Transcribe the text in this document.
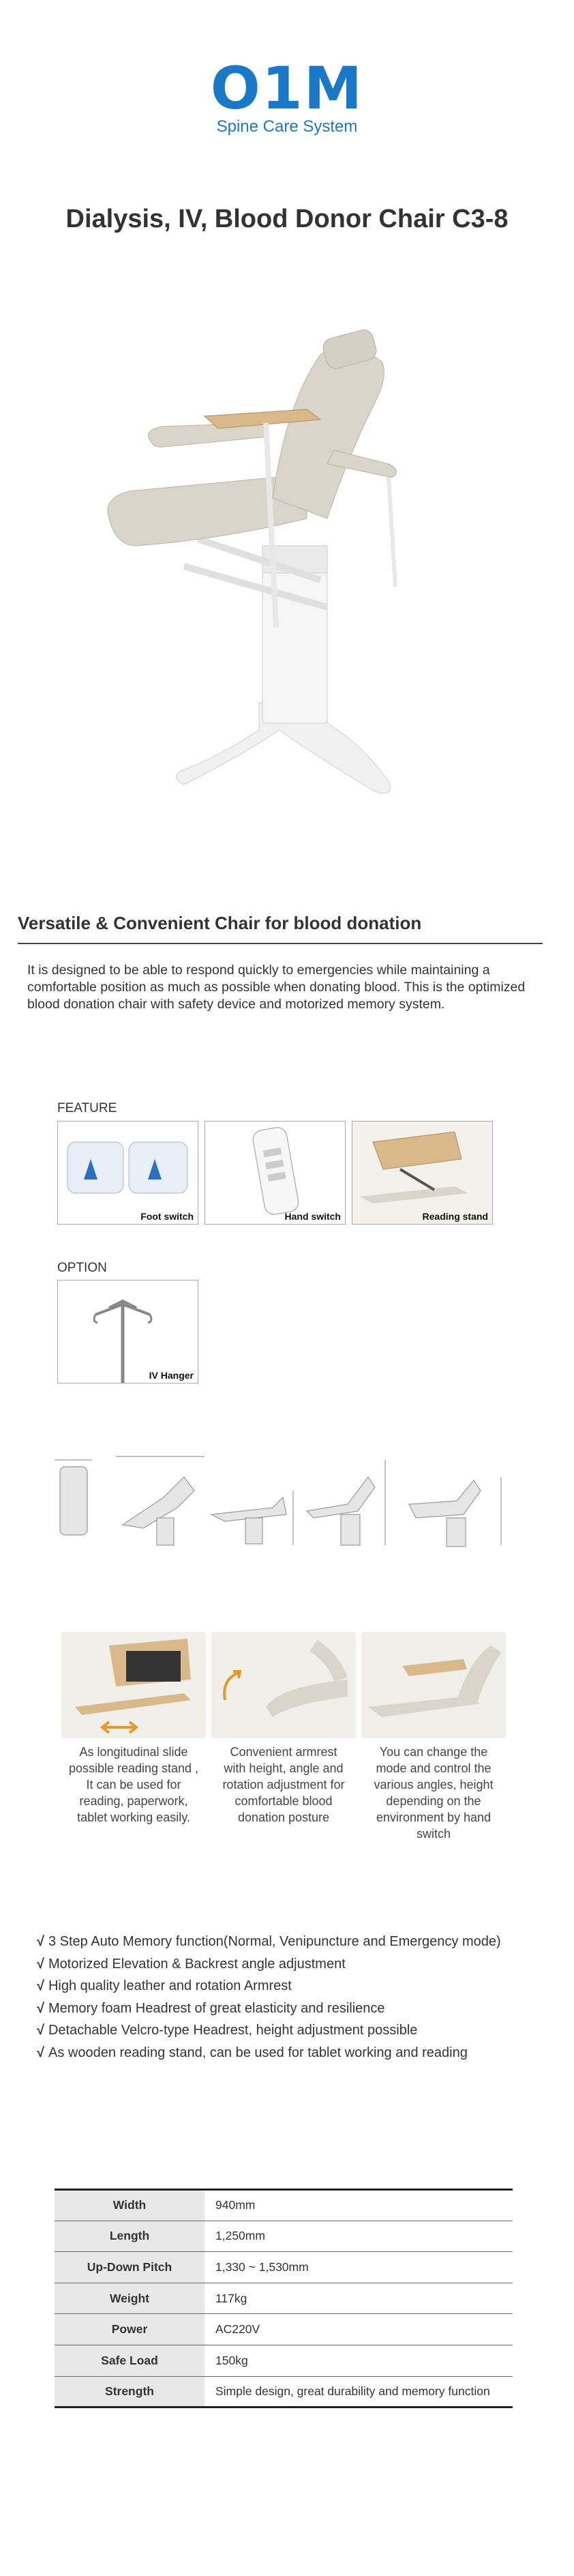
O1M
Spine Care System
Dialysis, IV, Blood Donor Chair C3-8
Versatile & Convenient Chair for blood donation
It is designed to be able to respond quickly to emergencies while maintaining a comfortable position as much as possible when donating blood. This is the optimized blood donation chair with safety device and motorized memory system.
FEATURE
Foot switch	Hand switch	Reading stand
OPTION
IV Hanger
As longitudinal slide possible reading stand , It can be used for reading, paperwork, tablet working easily.
Convenient armrest with height, angle and rotation adjustment for comfortable blood donation posture
You can change the mode and control the various angles, height depending on the environment by hand switch
√ 3 Step Auto Memory function(Normal, Venipuncture and Emergency mode)
√ Motorized Elevation & Backrest angle adjustment
√ High quality leather and rotation Armrest
√ Memory foam Headrest of great elasticity and resilience
√ Detachable Velcro-type Headrest, height adjustment possible
√ As wooden reading stand, can be used for tablet working and reading
Width	940mm
Length	1,250mm
Up-Down Pitch	1,330 ~ 1,530mm
Weight	117kg
Power	AC220V
Safe Load	150kg
Strength	Simple design, great durability and memory function
